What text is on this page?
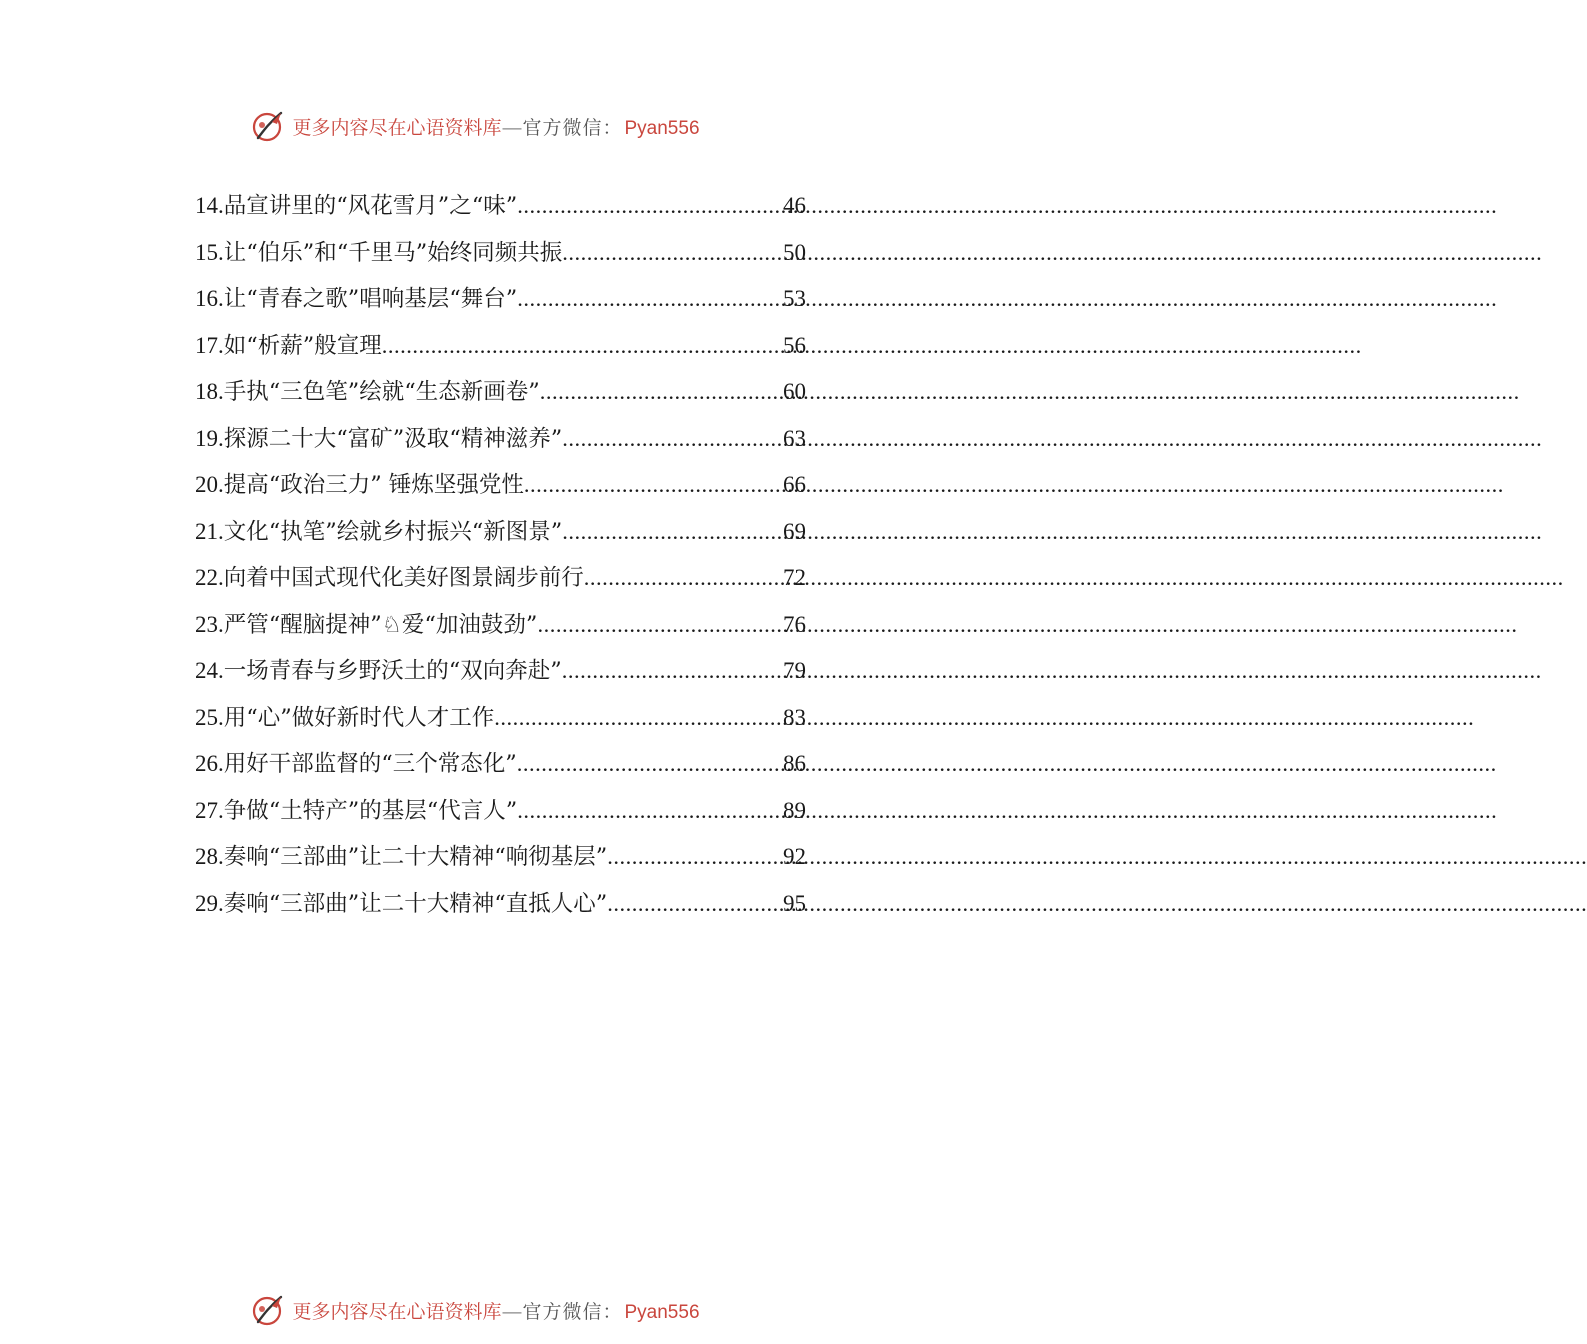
更多内容尽在心语资料库 — 官方微信： Pyan556
14. 品宣讲里的“风花雪月”之“味” .....	46
15. 让“伯乐”和“千里马”始终同频共振 .....	50
16. 让“青春之歌”唱响基层“舞台” .....	53
17. 如“析薪”般宣理 .....	56
18. 手执“三色笔”绘就“生态新画卷” .....	60
19. 探源二十大“富矿”汲取“精神滋养” .....	63
20. 提高“政治三力” 锤炼坚强党性 .....	66
21. 文化“执笔”绘就乡村振兴“新图景” .....	69
22. 向着中国式现代化美好图景阔步前行 .....	72
23. 严管“醒脑提神”♘爱“加油鼓劲” .....	76
24. 一场青春与乡野沃土的“双向奔赴” .....	79
25. 用“心”做好新时代人才工作 .....	83
26. 用好干部监督的“三个常态化” .....	86
27. 争做“土特产”的基层“代言人” .....	89
28. 奏响“三部曲”让二十大精神“响彻基层” .....	92
29. 奏响“三部曲”让二十大精神“直抵人心” .....	95
更多内容尽在心语资料库 — 官方微信： Pyan556
